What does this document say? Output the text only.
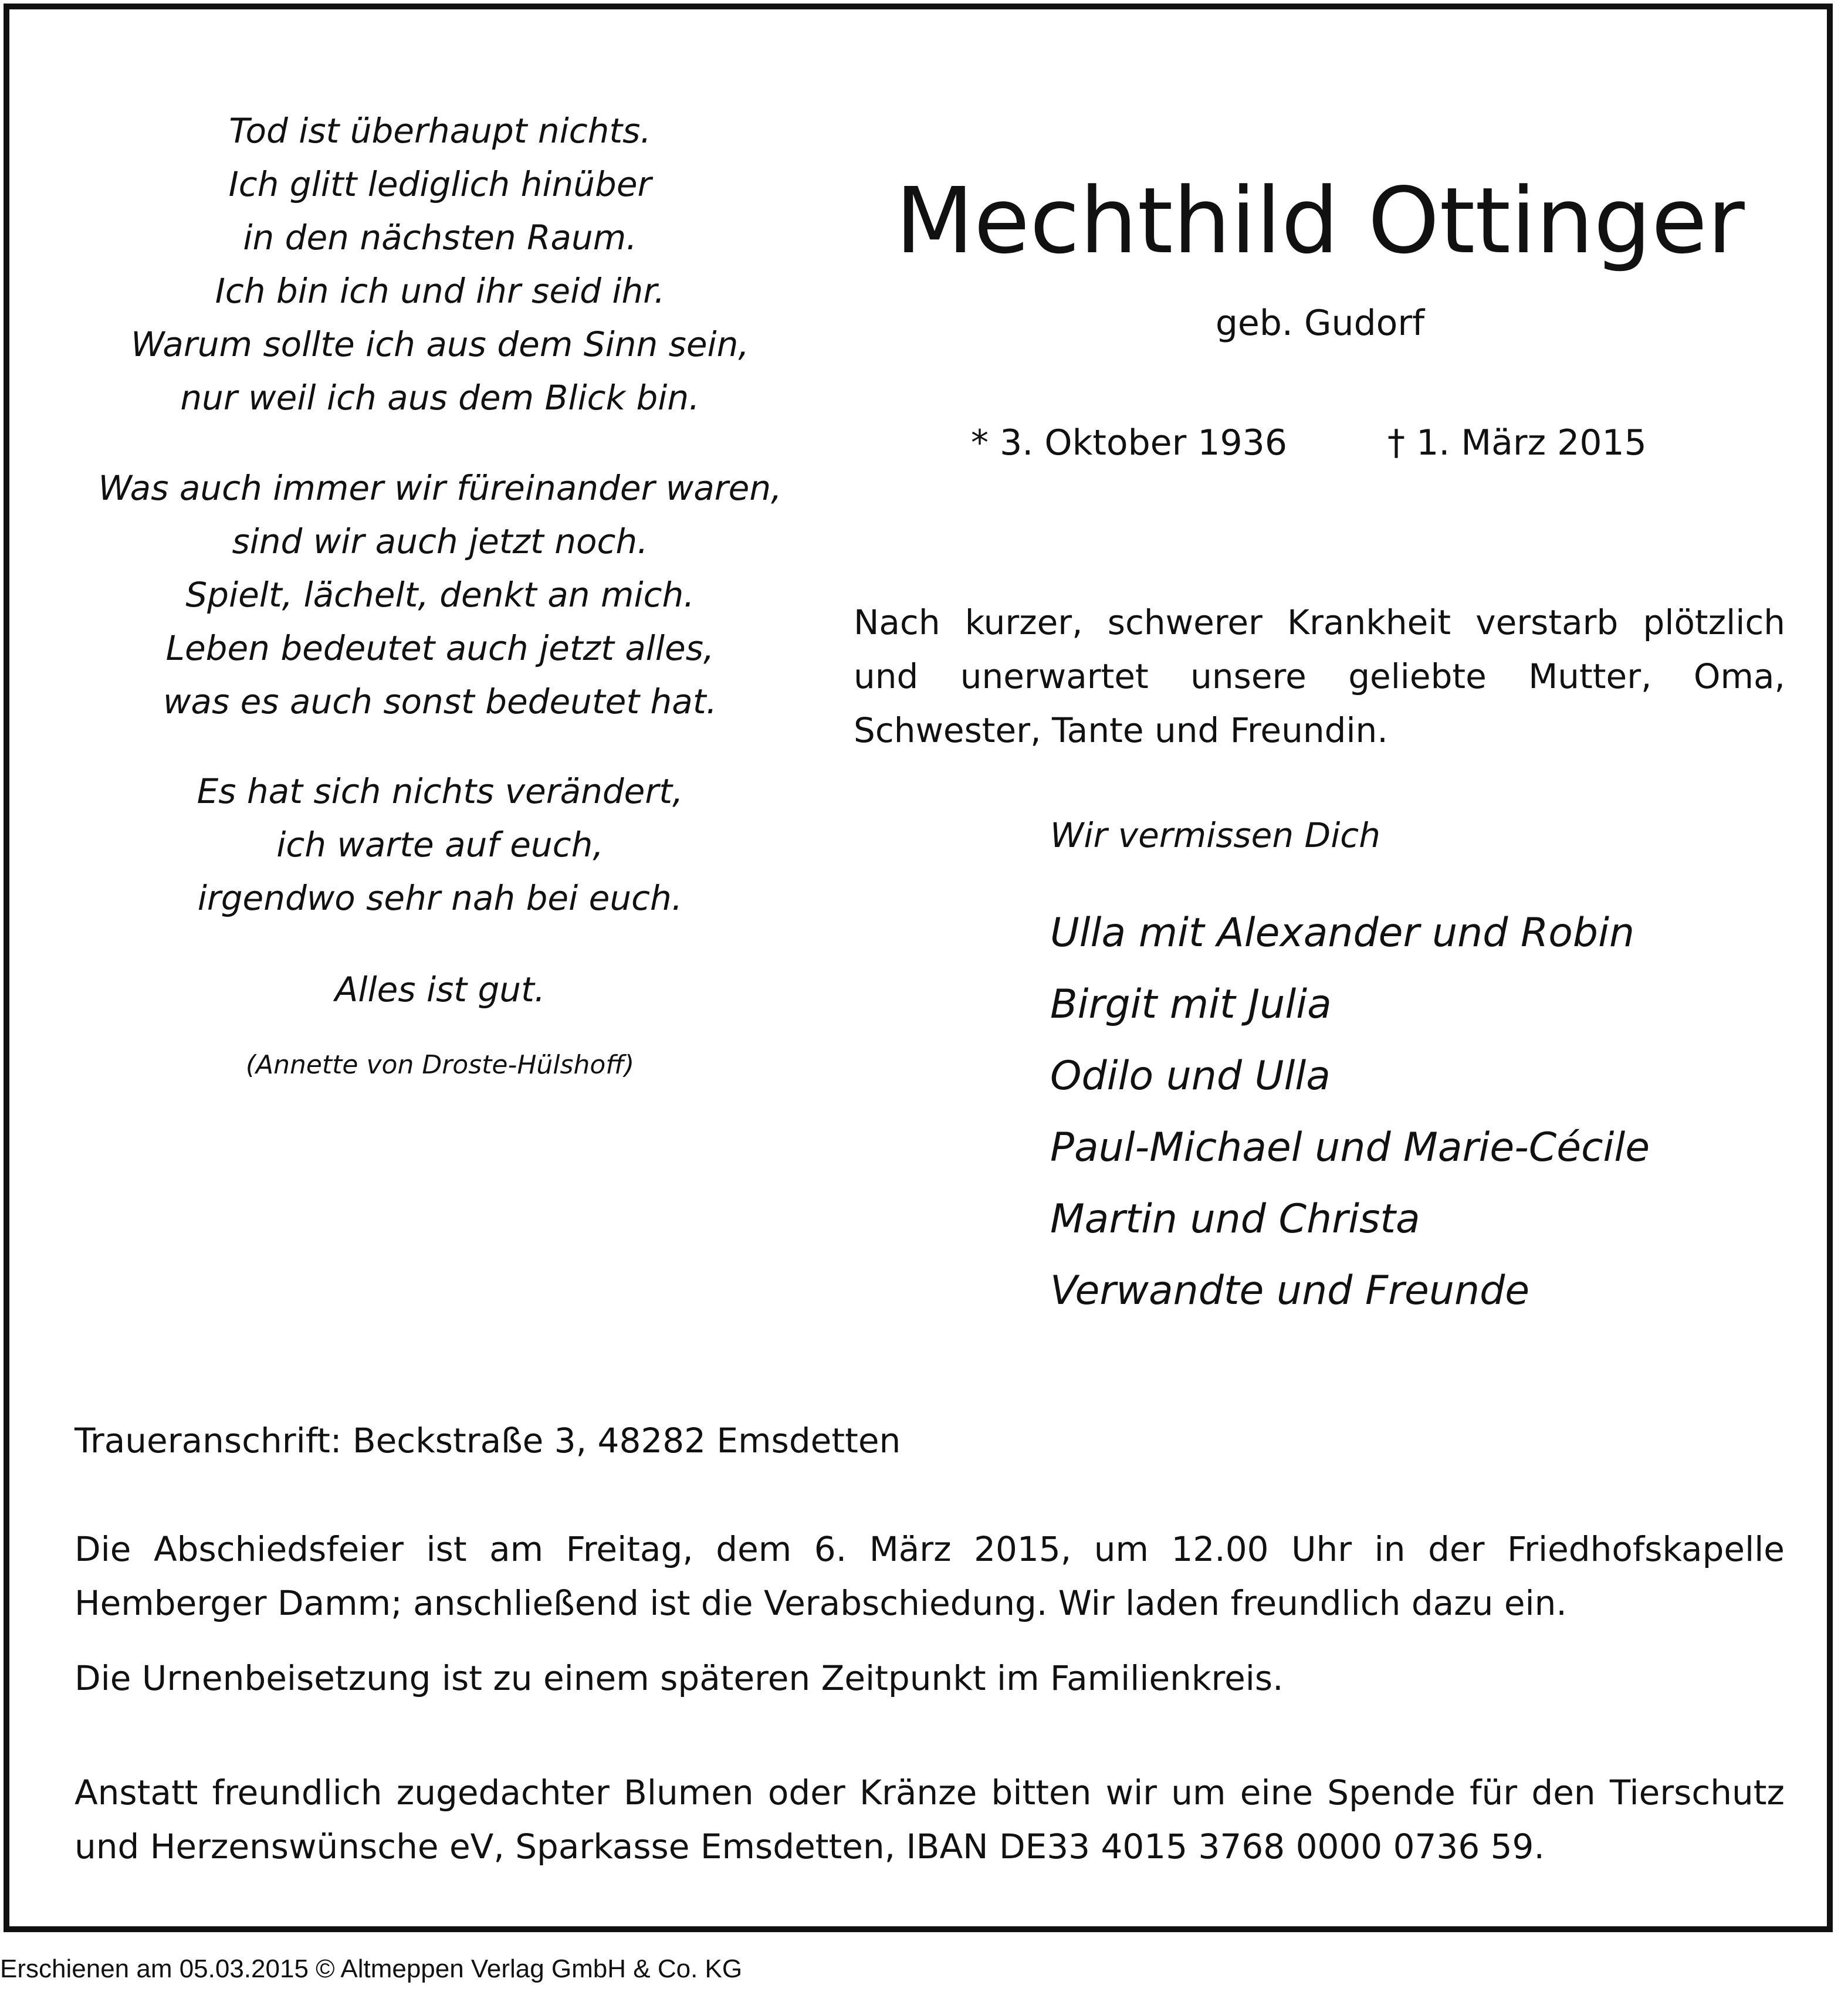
Tod ist überhaupt nichts.

Ich glitt lediglich hinüber

in den nächsten Raum.

Ich bin ich und ihr seid ihr.

Warum sollte ich aus dem Sinn sein,

nur weil ich aus dem Blick bin.

Was auch immer wir füreinander waren,

sind wir auch jetzt noch.

Spielt, lächelt, denkt an mich.

Leben bedeutet auch jetzt alles,

was es auch sonst bedeutet hat.

Es hat sich nichts verändert,

ich warte auf euch,

irgendwo sehr nah bei euch.

Alles ist gut.

(Annette von Droste-Hülshoff)
Mechthild Ottinger
geb. Gudorf
* 3. Oktober 1936	† 1. März 2015

Nach kurzer, schwerer Krankheit verstarb plötzlich und unerwartet unsere geliebte Mutter, Oma, Schwester, Tante und Freundin.

Wir vermissen Dich
Ulla mit Alexander und Robin
Birgit mit Julia
Odilo und Ulla
Paul-Michael und Marie-Cécile
Martin und Christa
Verwandte und Freunde

Traueranschrift: Beckstraße 3, 48282 Emsdetten

Die Abschiedsfeier ist am Freitag, dem 6. März 2015, um 12.00 Uhr in der Friedhofskapelle Hemberger Damm; anschließend ist die Verabschiedung. Wir laden freundlich dazu ein.

Die Urnenbeisetzung ist zu einem späteren Zeitpunkt im Familienkreis.

Anstatt freundlich zugedachter Blumen oder Kränze bitten wir um eine Spende für den Tierschutz und Herzenswünsche eV, Sparkasse Emsdetten, IBAN DE33 4015 3768 0000 0736 59.

Erschienen am 05.03.2015 © Altmeppen Verlag GmbH & Co. KG
